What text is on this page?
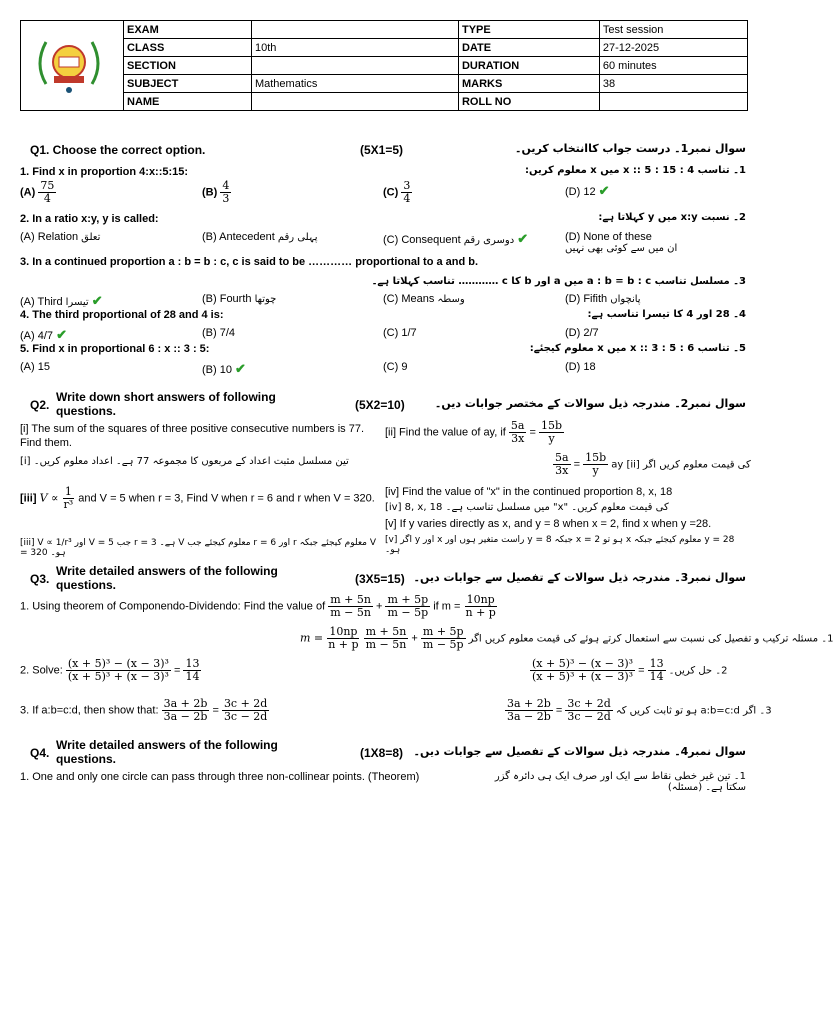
	EXAM		TYPE	Test session
	CLASS	10th	DATE	27-12-2025
	SECTION		DURATION	60 minutes
	SUBJECT	Mathematics	MARKS	38
	NAME		ROLL NO	
Q1. Choose the correct option.	(5X1=5)	سوال نمبر1۔ درست جواب کاانتخاب کریں۔
1. Find x in proportion 4:x::5:15:	1۔ تناسب 4 : x :: 5 : 15 میں x معلوم کریں:
$(A) \frac{75}{4}$	$(B) \frac{4}{3}$	$(C) \frac{3}{4}$	(D) 12 ✔
2. In a ratio x:y, y is called:	2۔ نسبت x:y میں y کہلاتا ہے:
(A) Relation تعلق	(B) Antecedent پہلی رقم	(C) Consequent دوسری رقم ✔	(D) None of these
ان میں سے کوئی بھی نہیں
3. In a continued proportion a : b = b : c, c is said to be ………… proportional to a and b.
3۔ مسلسل تناسب a : b = b : c میں a اور b کا c ………… تناسب کہلاتا ہے۔
(A) Third تیسرا ✔	(B) Fourth چوتھا	(C) Means وسطہ	(D) Fifith پانچواں
4. The third proportional of 28 and 4 is:	4۔ 28 اور 4 کا تیسرا تناسب ہے:
(A) 4/7 ✔	(B) 7/4	(C) 1/7	(D) 2/7
5. Find x in proportional 6 : x :: 3 : 5:	5۔ تناسب 6 : x :: 3 : 5 میں x معلوم کیجئے:
(A) 15	(B) 10 ✔	(C) 9	(D) 18
Q2.
Write down short answers of following questions.	(5X2=10)	سوال نمبر2۔ مندرجہ ذیل سوالات کے مختصر جوابات دیں۔
[i] The sum of the squares of three positive consecutive numbers is 77. Find them.
[i] تین مسلسل مثبت اعداد کے مربعوں کا مجموعہ 77 ہے۔ اعداد معلوم کریں۔
[ii] Find the value of ay, if $\frac{5a}{3x} = \frac{15b}{y}$
$\frac{5a}{3x} = \frac{15b}{y}$ ay [ii] کی قیمت معلوم کریں اگر
[iii] $V \propto \frac{1}{\text{r³}}$ and V = 5 when r = 3, Find V when r = 6 and r when V = 320.
[iii] V ∝ 1/r³ اور V = 5 جب r = 3 ہے۔ V معلوم کیجئے جب r = 6 اور r معلوم کیجئے جبکہ V = 320 ہو۔
[iv] Find the value of "x" in the continued proportion 8, x, 18
[iv] 8, x, 18 میں مسلسل تناسب ہے۔ "x" کی قیمت معلوم کریں۔
[v] If y varies directly as x, and y = 8 when x = 2, find x when y =28.
[v] اگر y اور x راست متغیر ہوں اور y = 8 جبکہ x = 2 ہو تو x معلوم کیجئے جبکہ y = 28 ہو۔
Q3.
Write detailed answers of the following questions.	(3X5=15) سوال نمبر3۔ مندرجہ ذیل سوالات کے تفصیل سے جوابات دیں۔
1. Using theorem of Componendo-Dividendo: Find the value of $\frac{m + 5n}{m - 5n} + \frac{m + 5p}{m - 5p}$ if $m = \frac{10np}{n + p}$
$m = \frac{10np}{n + p}$
$\frac{m + 5n}{m - 5n} + \frac{m + 5p}{m - 5p}$ 1۔ مسئلہ ترکیب و تفصیل کی نسبت سے استعمال کرتے ہوئے کی قیمت معلوم کریں اگر
2. Solve: $\frac{\text{(x + 5)³ − (x − 3)³}}{\text{(x + 5)³ + (x − 3)³}} = \frac{13}{14}$	$\frac{\text{(x + 5)³ − (x − 3)³}}{\text{(x + 5)³ + (x − 3)³}} = \frac{13}{14}$ 2۔ حل کریں۔
3. If a:b=c:d, then show that: $\frac{3a + 2b}{3a - 2b} = \frac{3c + 2d}{3c - 2d}$	$\frac{3a + 2b}{3a - 2b} = \frac{3c + 2d}{3c - 2d}$ 3۔ اگر a:b=c:d ہو تو ثابت کریں کہ
Q4.
Write detailed answers of the following questions.	(1X8=8) سوال نمبر4۔ مندرجہ ذیل سوالات کے تفصیل سے جوابات دیں۔
1. One and only one circle can pass through three non-collinear points. (Theorem)	1۔ تین غیر خطی نقاط سے ایک اور صرف ایک ہی دائرہ گزر سکتا ہے۔ (مسئلہ)
